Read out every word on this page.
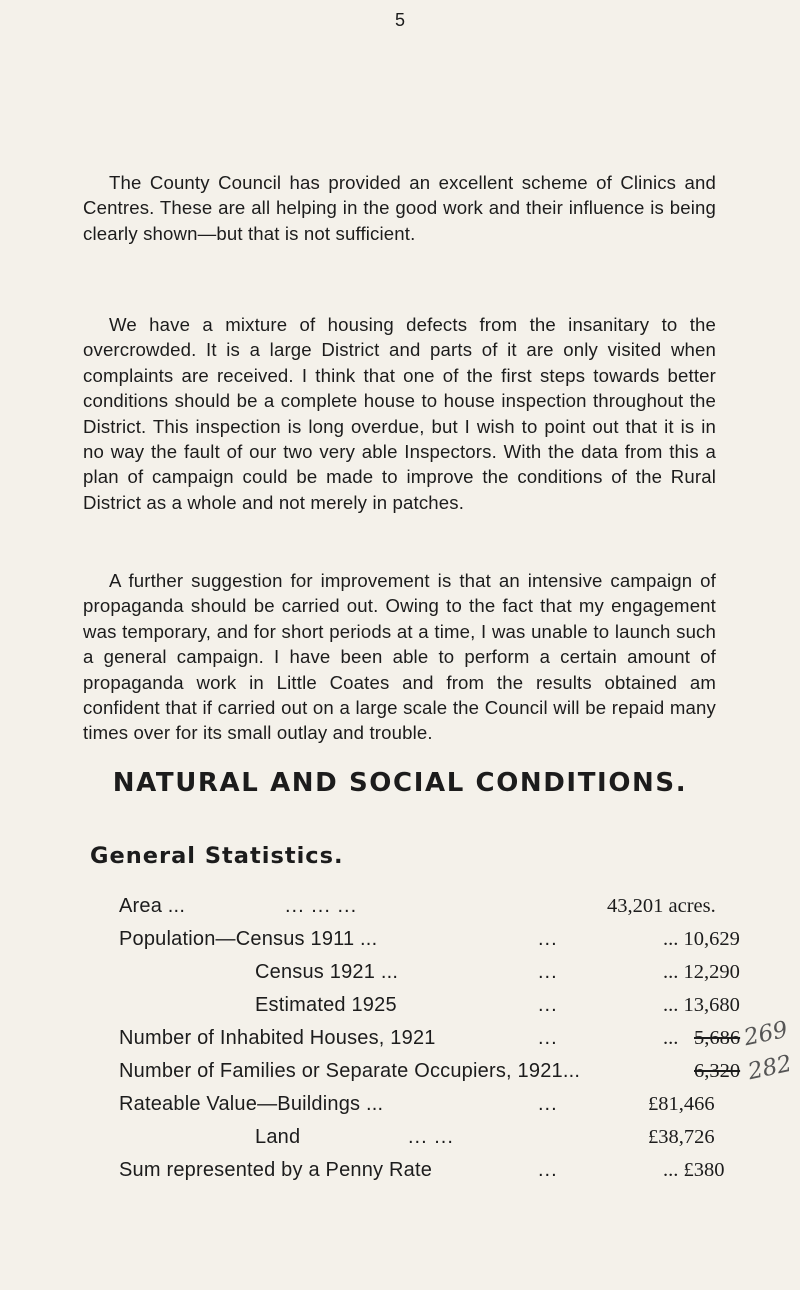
5

The County Council has provided an excellent scheme of Clinics and Centres. These are all helping in the good work and their influence is being clearly shown—but that is not sufficient.

We have a mixture of housing defects from the insanitary to the overcrowded. It is a large District and parts of it are only visited when complaints are received. I think that one of the first steps towards better conditions should be a complete house to house inspection throughout the District. This inspection is long overdue, but I wish to point out that it is in no way the fault of our two very able Inspectors. With the data from this a plan of campaign could be made to improve the conditions of the Rural District as a whole and not merely in patches.

A further suggestion for improvement is that an intensive campaign of propaganda should be carried out. Owing to the fact that my engagement was temporary, and for short periods at a time, I was unable to launch such a general campaign. I have been able to perform a certain amount of propaganda work in Little Coates and from the results obtained am confident that if carried out on a large scale the Council will be repaid many times over for its small outlay and trouble.

NATURAL AND SOCIAL CONDITIONS.
General Statistics.
Area ...	... ... ...	43,201 acres.
Population—Census 1911 ...	...	... 10,629
Census 1921 ...	...	... 12,290
Estimated 1925	...	... 13,680
Number of Inhabited Houses, 1921	...	... 5,686 269
Number of Families or Separate Occupiers, 1921...	6,320 282
Rateable Value—Buildings ...	...	£81,466
Land	... ...	£38,726
Sum represented by a Penny Rate	...	... £380
